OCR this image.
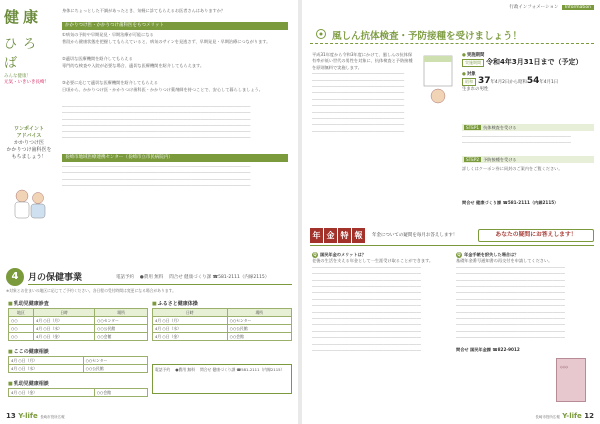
健康
ひろば
みんな健康！
元気・いきいき長崎！
ワンポイント
アドバイス
かかりつけ医
かかりつけ歯科医を
もちましょう！
身体にちょっとした不調があったとき、気軽に診てもらえるお医者さんはありますか？
かかりつけ医・かかりつけ歯科医をもつメリット
①病気の予防や早期発見・早期治療が可能になる
普段から健康状態を把握してもらえていると、病気のサインを見逃さず、早期発見・早期治療につながります。
②適切な医療機関を紹介してもらえる
専門的な検査や入院が必要な場合、適切な医療機関を紹介してもらえます。
③必要に応じて適切な医療機関を紹介してもらえる
日頃から、かかりつけ医・かかりつけ歯科医・かかりつけ薬剤師を持つことで、安心して暮らしましょう。
―――――――――――――――――――――――――――――――――――――――――――――
―――――――――――――――――――――――――――――――――――――――――――――
―――――――――――――――――――――――――――――――――――――――――――――
―――――――――――――――――――――――――――――――――――――――――――――
―――――――――――――――――――――――――――――――――――――――――――――
―――――――――――――――――――――――――――――――――――――――――――――
長崎市地域医療連携センター（長崎市立市民病院内）
―――――――――――――――――――――――――――――――――――――――――――――
―――――――――――――――――――――――――――――――――――――――――――――
―――――――――――――――――――――――――――――――――――――――――――――
―――――――――――――――――――――――――――――――――――――――――――――
4	月の保健事業	電話予約 　●費用 無料 　問合せ 健康づくり課 ☎581-2111（内線2115）
※対象とお住まいの地区に応じてご予約ください。各日程の受付時間は変更になる場合があります。
■ 乳幼児健康診査
地区	日時	場所
○○	4月 ○日（月）	○○センター
○○	4月 ○日（水）	○○公民館
○○	4月 ○日（金）	○○会館
■ ここの健康相談
4月 ○日（月）	○○センター
4月 ○日（水）	○○公民館
■ 乳幼児健康相談
4月 ○日（金）	○○会館
■ ふるさと健康体操
日時	場所
4月 ○日（月）	○○センター
4月 ○日（水）	○○公民館
4月 ○日（金）	○○会館
電話予約 　●費用 無料 　問合せ 健康づくり課 ☎581-2111（内線2115）
13 Y-life 長崎市役所広報
行政インフォメーション Information
風しん抗体検査・予防接種を受けましょう！
平成31年度から令和3年度にかけて、風しんの抗体保有率が低い世代の男性を対象に、抗体検査と予防接種を原則無料で実施します。
――――――――――――――――――――――
――――――――――――――――――――――
――――――――――――――――――――――
――――――――――――――――――――――
――――――――――――――――――――――
――――――――――――――――――――――
――――――――――――――――――――――
――――――――――――――――――――――
――――――――――――――――――――――
――――――――――――――――――――――
● 実施期間
実施期間 令和4年3月31日まで（予定）
● 対象
昭和 37年4月2日から昭和54年4月1日
生まれの男性
STEP1 抗体検査を受ける
――――――――――――――――――――――――――
――――――――――――――――――――――――――
STEP2 予防接種を受ける
詳しくはクーポン券に同封のご案内をご覧ください。
問合せ 健康づくり課 ☎581-2111（内線2115）
年 金 特 報	年金についての疑問を毎月お答えします！	あなたの疑問にお答えします！
Q 国民年金のメリットは？
老後の生活を支える年金として一生涯受け取ることができます。
――――――――――――――――――――――――――
――――――――――――――――――――――――――
――――――――――――――――――――――――――
――――――――――――――――――――――――――
――――――――――――――――――――――――――
――――――――――――――――――――――――――
――――――――――――――――――――――――――
――――――――――――――――――――――――――
――――――――――――――――――――――――――
――――――――――――――――――――――――――
――――――――――――――――――――――――――
――――――――――――――――――――――――――
――――――――――――――――――――――――――
――――――――――――――――――――――――――
Q 年金手帳を紛失した場合は？
基礎年金番号通知書の再交付を申請してください。
――――――――――――――――――――――――――
――――――――――――――――――――――――――
――――――――――――――――――――――――――
――――――――――――――――――――――――――
――――――――――――――――――――――――――
――――――――――――――――――――――――――
――――――――――――――――――――――――――
――――――――――――――――――――――――――
――――――――――――――――――――――――――
――――――――――――――――――――――――――
――――――――――――――――――――――――――
――――――――――――――――――――――――――
問合せ 国民年金課 ☎822-9012
◇◇◇
長崎市役所広報 Y-life 12
